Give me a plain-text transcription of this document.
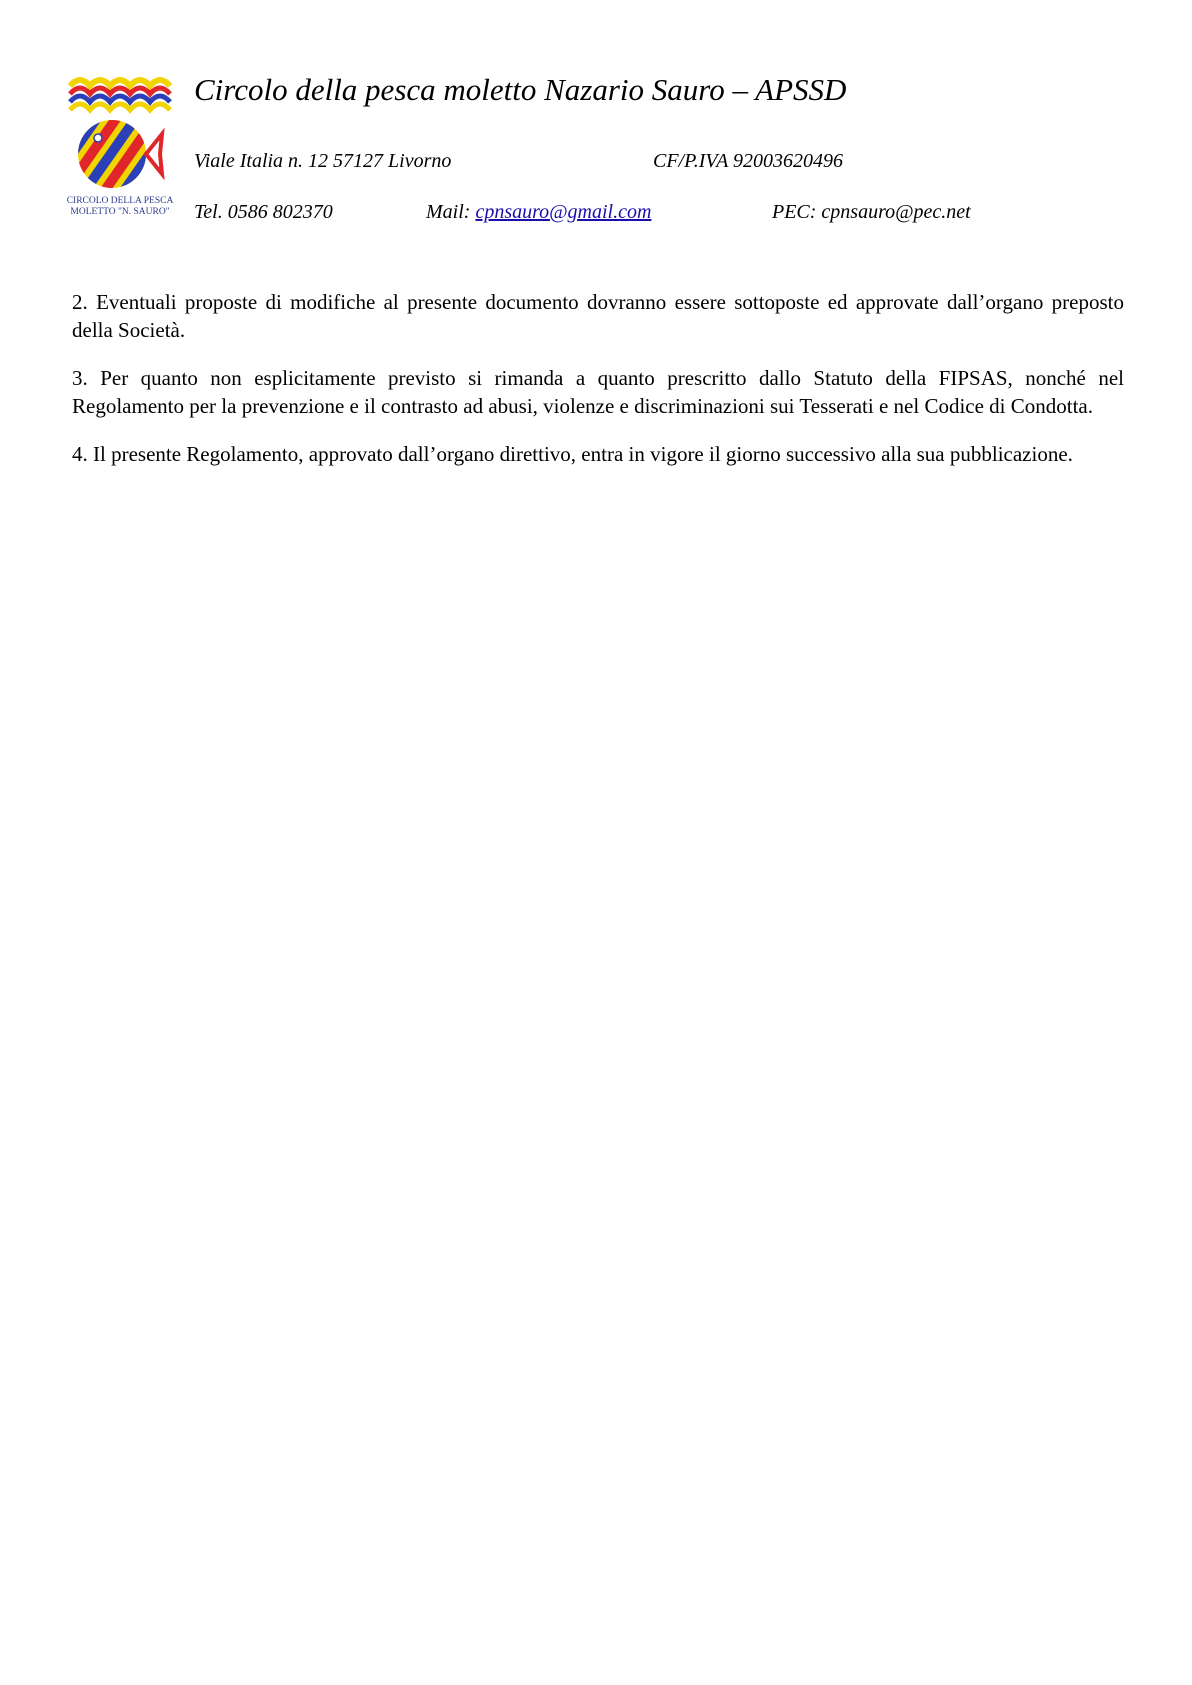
CIRCOLO DELLA PESCA
MOLETTO "N. SAURO"
Circolo della pesca moletto Nazario Sauro – APSSD
Viale Italia n. 12 57127 Livorno	CF/P.IVA 92003620496
Tel. 0586 802370	Mail: cpnsauro@gmail.com	PEC: cpnsauro@pec.net

2. Eventuali proposte di modifiche al presente documento dovranno essere sottoposte ed approvate dall’organo preposto della Società.

3. Per quanto non esplicitamente previsto si rimanda a quanto prescritto dallo Statuto della FIPSAS, nonché nel Regolamento per la prevenzione e il contrasto ad abusi, violenze e discriminazioni sui Tesserati e nel Codice di Condotta.

4. Il presente Regolamento, approvato dall’organo direttivo, entra in vigore il giorno successivo alla sua pubblicazione.
